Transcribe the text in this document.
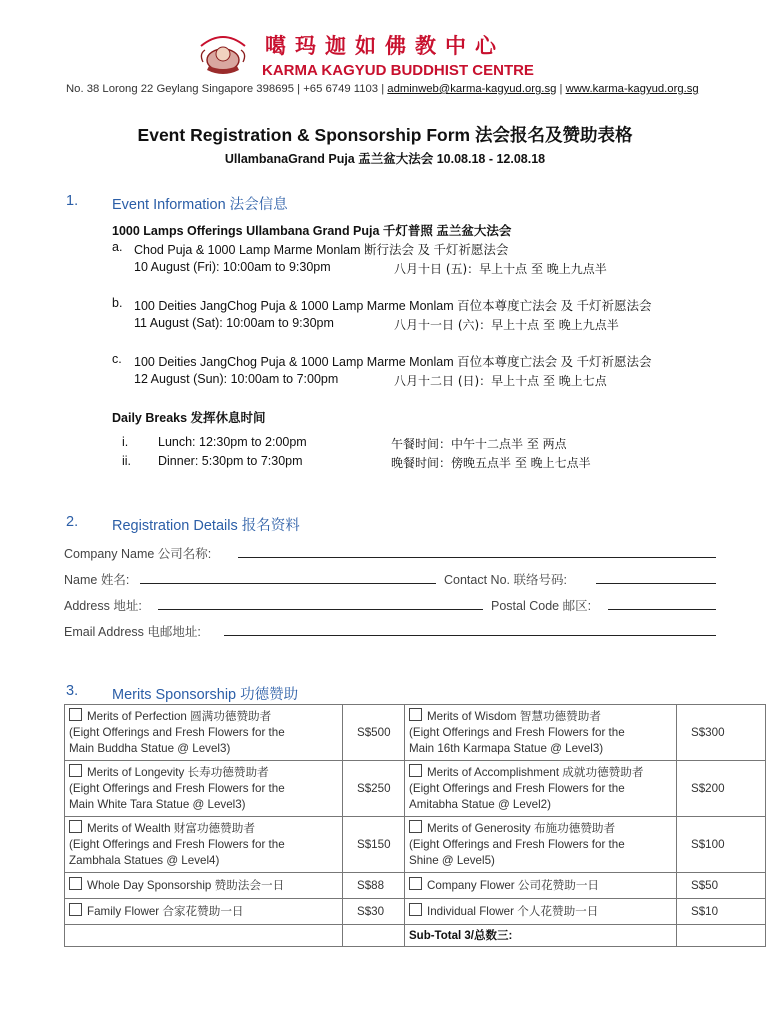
噶玛迦如佛教中心
KARMA KAGYUD BUDDHIST CENTRE
No. 38 Lorong 22 Geylang Singapore 398695 | +65 6749 1103 | adminweb@karma-kagyud.org.sg | www.karma-kagyud.org.sg
Event Registration & Sponsorship Form 法会报名及赞助表格
UllambanaGrand Puja 盂兰盆大法会 10.08.18 - 12.08.18
1. Event Information 法会信息
1000 Lamps Offerings Ullambana Grand Puja 千灯普照 盂兰盆大法会
a. Chod Puja & 1000 Lamp Marme Monlam 断行法会 及 千灯祈愿法会
10 August (Fri): 10:00am to 9:30pm	八月十日 (五)：早上十点 至 晚上九点半
b. 100 Deities JangChog Puja & 1000 Lamp Marme Monlam 百位本尊度亡法会 及 千灯祈愿法会
11 August (Sat): 10:00am to 9:30pm	八月十一日 (六)：早上十点 至 晚上九点半
c. 100 Deities JangChog Puja & 1000 Lamp Marme Monlam 百位本尊度亡法会 及 千灯祈愿法会
12 August (Sun): 10:00am to 7:00pm	八月十二日 (日)：早上十点 至 晚上七点
Daily Breaks 发挥休息时间
i. Lunch: 12:30pm to 2:00pm	午餐时间：中午十二点半 至 两点
ii. Dinner: 5:30pm to 7:30pm	晚餐时间：傍晚五点半 至 晚上七点半
2. Registration Details 报名资料
Company Name 公司名称:
Name 姓名:	Contact No. 联络号码:
Address 地址:	Postal Code 邮区:
Email Address 电邮地址:
3. Merits Sponsorship 功德赞助
Merits of Perfection 圆满功德赞助者
(Eight Offerings and Fresh Flowers for the
Main Buddha Statue @ Level3)	S$500	Merits of Wisdom 智慧功德赞助者
(Eight Offerings and Fresh Flowers for the
Main 16th Karmapa Statue @ Level3)	S$300
Merits of Longevity 长寿功德赞助者
(Eight Offerings and Fresh Flowers for the
Main White Tara Statue @ Level3)	S$250	Merits of Accomplishment 成就功德赞助者
(Eight Offerings and Fresh Flowers for the
Amitabha Statue @ Level2)	S$200
Merits of Wealth 财富功德赞助者
(Eight Offerings and Fresh Flowers for the
Zambhala Statues @ Level4)	S$150	Merits of Generosity 布施功德赞助者
(Eight Offerings and Fresh Flowers for the
Shine @ Level5)	S$100
Whole Day Sponsorship 赞助法会一日	S$88	Company Flower 公司花赞助一日	S$50
Family Flower 合家花赞助一日	S$30	Individual Flower 个人花赞助一日	S$10
		Sub-Total 3/总数三:	
